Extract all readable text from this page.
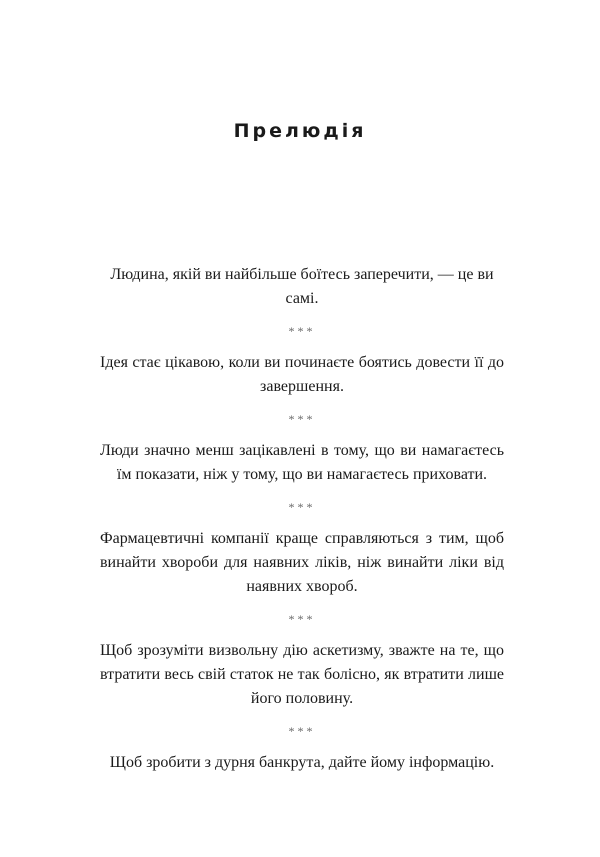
Прелюдія

Людина, якій ви найбільше боїтесь заперечити, — це ви самі.

***

Ідея стає цікавою, коли ви починаєте боятись довести її до завершення.

***

Люди значно менш зацікавлені в тому, що ви намагаєтесь їм показати, ніж у тому, що ви намагаєтесь приховати.

***

Фармацевтичні компанії краще справляються з тим, щоб винайти хвороби для наявних ліків, ніж винайти ліки від наявних хвороб.

***

Щоб зрозуміти визвольну дію аскетизму, зважте на те, що втратити весь свій статок не так болісно, як втратити лише його половину.

***

Щоб зробити з дурня банкрута, дайте йому інформацію.
